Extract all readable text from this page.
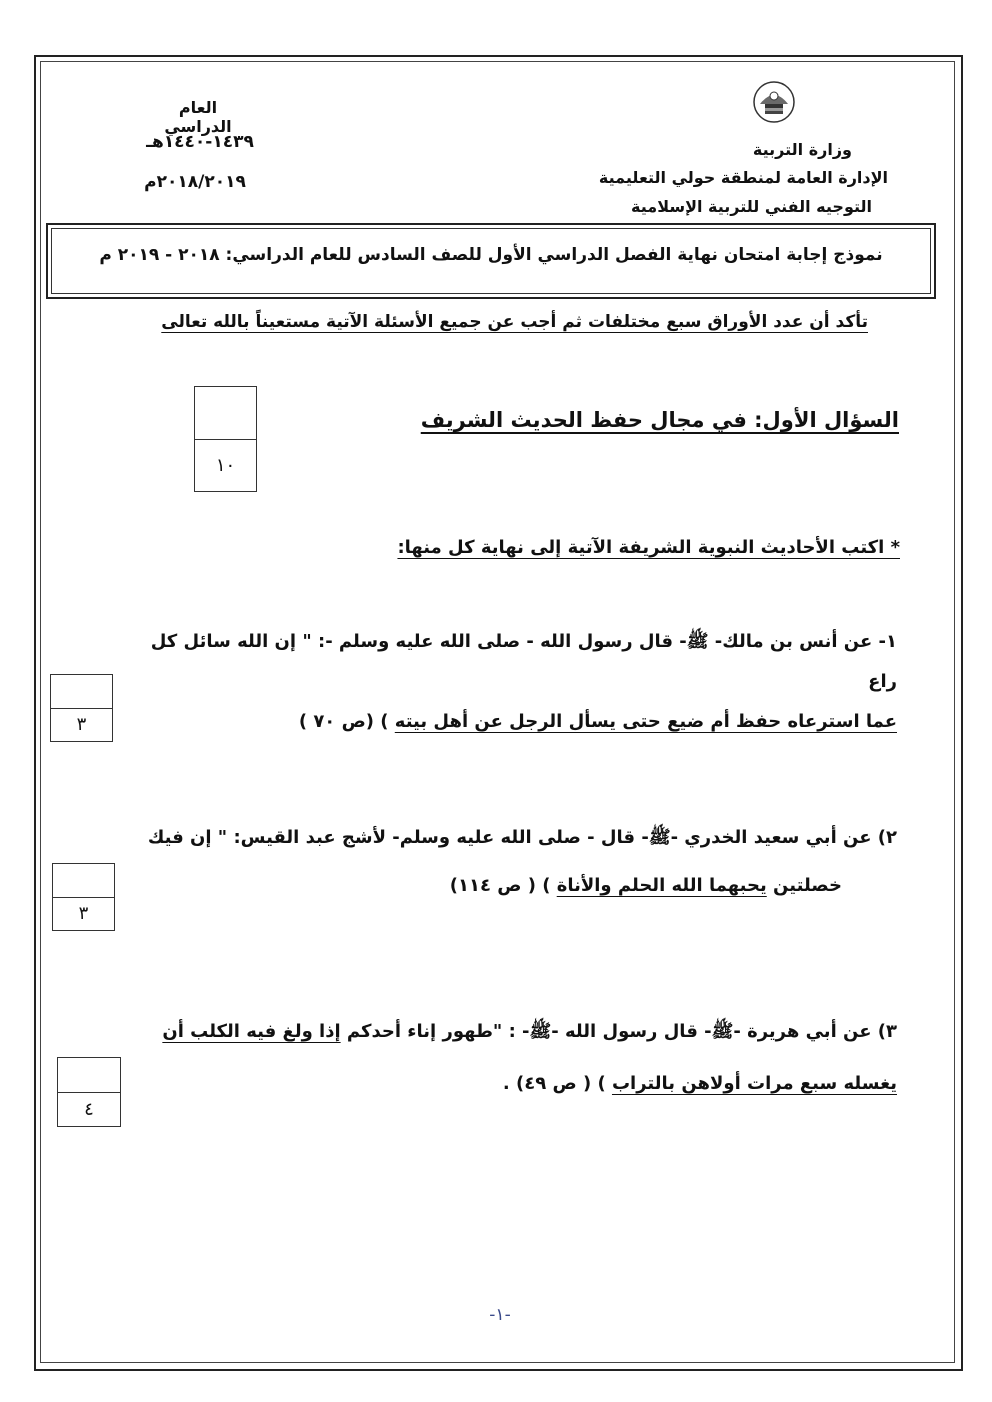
وزارة التربية
الإدارة العامة لمنطقة حولي التعليمية
التوجيه الفني للتربية الإسلامية
العام الدراسي
١٤٣٩-١٤٤٠هـ
٢٠١٨/٢٠١٩م
نموذج إجابة امتحان نهاية الفصل الدراسي الأول للصف السادس للعام الدراسي: ٢٠١٨ - ٢٠١٩ م
تأكد أن عدد الأوراق سبع مختلفات ثم أجب عن جميع الأسئلة الآتية مستعيناً بالله تعالى
السؤال الأول: في مجال حفظ الحديث الشريف
١٠
* اكتب الأحاديث النبوية الشريفة الآتية إلى نهاية كل منها:
١- عن أنس بن مالك- ﷺ- قال رسول الله - صلى الله عليه وسلم -: " إن الله سائل كل راع
عما استرعاه حفظ أم ضيع حتى يسأل الرجل عن أهل بيته ) (ص ٧٠ )
٣
٢) عن أبي سعيد الخدري -ﷺ- قال - صلى الله عليه وسلم- لأشج عبد القيس: " إن فيك
خصلتين يحبهما الله الحلم والأناة ) ( ص ١١٤)
٣
٣) عن أبي هريرة -ﷺ- قال رسول الله -ﷺ- : "طهور إناء أحدكم إذا ولغ فيه الكلب أن
يغسله سبع مرات أولاهن بالتراب ) ( ص ٤٩) .
٤
-١-
